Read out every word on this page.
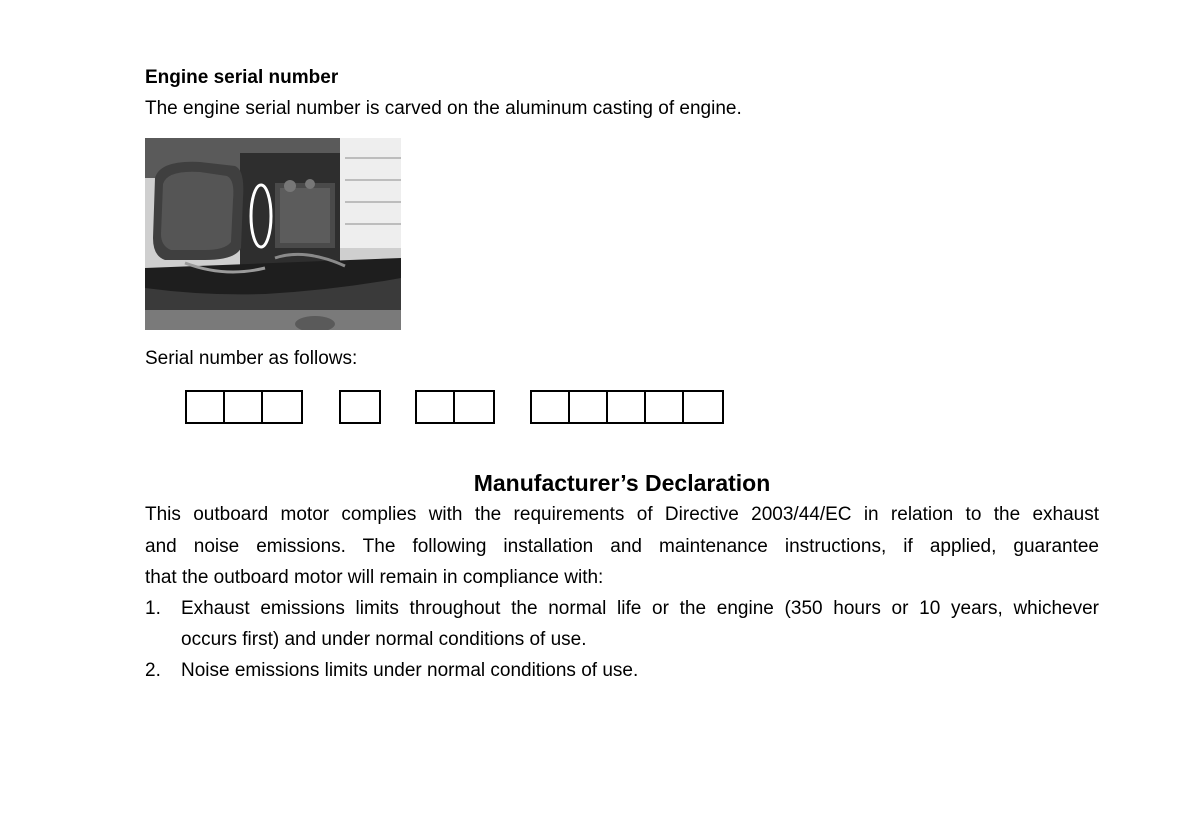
Engine serial number
The engine serial number is carved on the aluminum casting of engine.
Serial number as follows:
Manufacturer’s Declaration
This outboard motor complies with the requirements of Directive 2003/44/EC in relation to the exhaust
and noise emissions. The following installation and maintenance instructions, if applied, guarantee
that the outboard motor will remain in compliance with:
1. Exhaust emissions limits throughout the normal life or the engine (350 hours or 10 years, whichever
occurs first) and under normal conditions of use.
2. Noise emissions limits under normal conditions of use.
